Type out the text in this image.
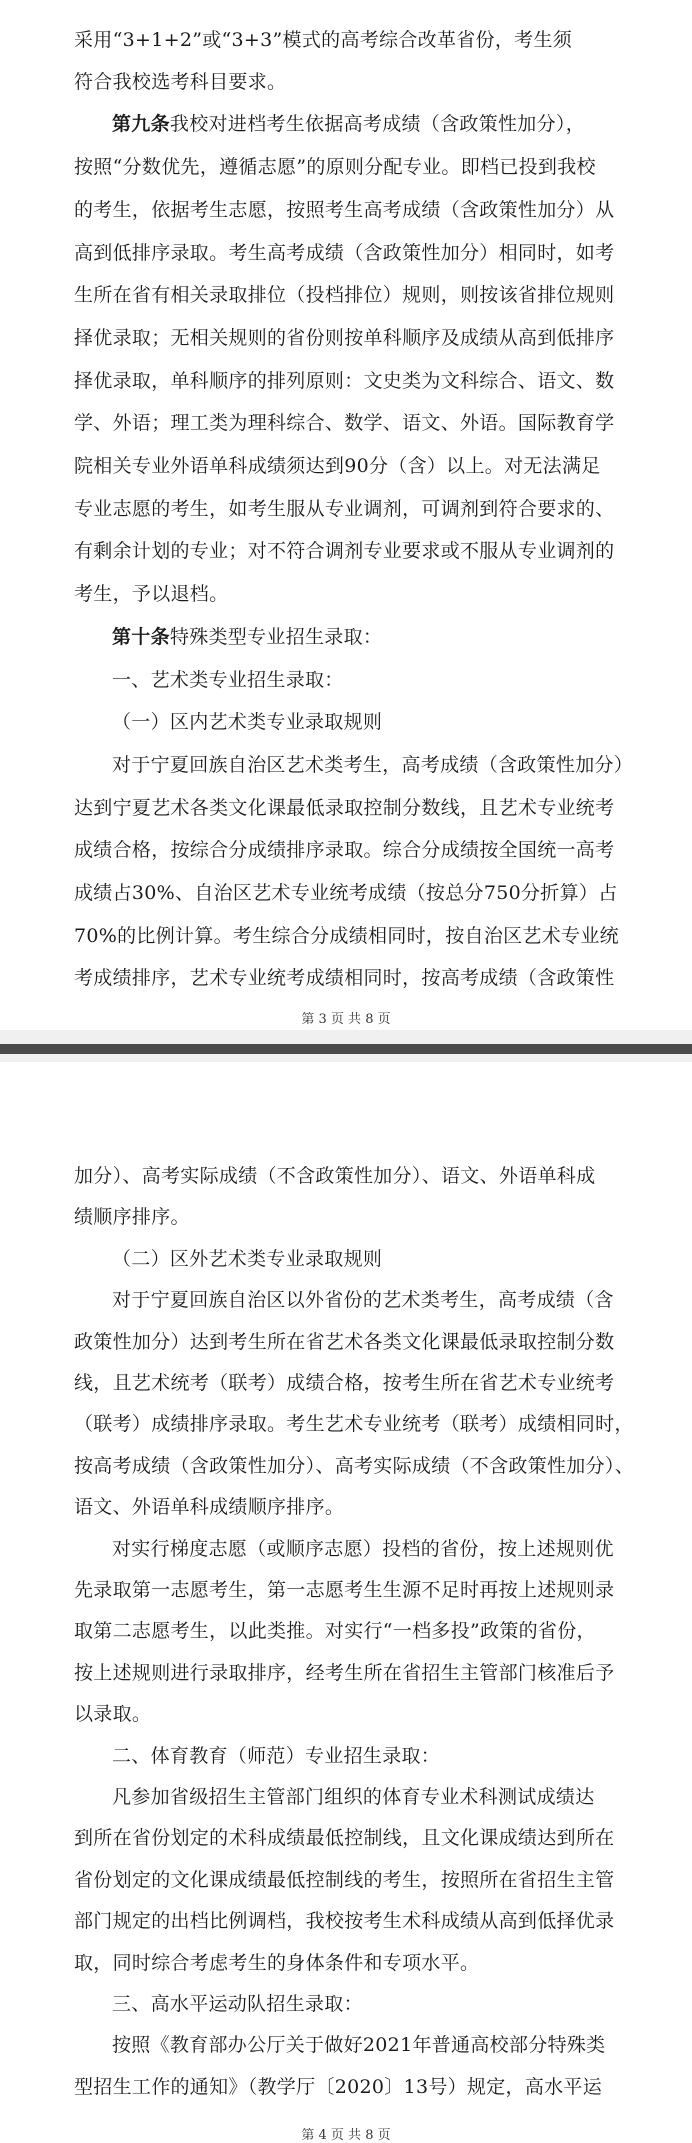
采用“3+1+2”或“3+3”模式的高考综合改革省份，考生须
符合我校选考科目要求。
第九条我校对进档考生依据高考成绩（含政策性加分），
按照“分数优先，遵循志愿”的原则分配专业。即档已投到我校
的考生，依据考生志愿，按照考生高考成绩（含政策性加分）从
高到低排序录取。考生高考成绩（含政策性加分）相同时，如考
生所在省有相关录取排位（投档排位）规则，则按该省排位规则
择优录取；无相关规则的省份则按单科顺序及成绩从高到低排序
择优录取，单科顺序的排列原则：文史类为文科综合、语文、数
学、外语；理工类为理科综合、数学、语文、外语。国际教育学
院相关专业外语单科成绩须达到90分（含）以上。对无法满足
专业志愿的考生，如考生服从专业调剂，可调剂到符合要求的、
有剩余计划的专业；对不符合调剂专业要求或不服从专业调剂的
考生，予以退档。
第十条特殊类型专业招生录取：
一、艺术类专业招生录取：
（一）区内艺术类专业录取规则
对于宁夏回族自治区艺术类考生，高考成绩（含政策性加分）
达到宁夏艺术各类文化课最低录取控制分数线，且艺术专业统考
成绩合格，按综合分成绩排序录取。综合分成绩按全国统一高考
成绩占30%、自治区艺术专业统考成绩（按总分750分折算）占
70%的比例计算。考生综合分成绩相同时，按自治区艺术专业统
考成绩排序，艺术专业统考成绩相同时，按高考成绩（含政策性
第 3 页 共 8 页
加分）、高考实际成绩（不含政策性加分）、语文、外语单科成
绩顺序排序。
（二）区外艺术类专业录取规则
对于宁夏回族自治区以外省份的艺术类考生，高考成绩（含
政策性加分）达到考生所在省艺术各类文化课最低录取控制分数
线，且艺术统考（联考）成绩合格，按考生所在省艺术专业统考
（联考）成绩排序录取。考生艺术专业统考（联考）成绩相同时，
按高考成绩（含政策性加分）、高考实际成绩（不含政策性加分）、
语文、外语单科成绩顺序排序。
对实行梯度志愿（或顺序志愿）投档的省份，按上述规则优
先录取第一志愿考生，第一志愿考生生源不足时再按上述规则录
取第二志愿考生，以此类推。对实行“一档多投”政策的省份，
按上述规则进行录取排序，经考生所在省招生主管部门核准后予
以录取。
二、体育教育（师范）专业招生录取：
凡参加省级招生主管部门组织的体育专业术科测试成绩达
到所在省份划定的术科成绩最低控制线，且文化课成绩达到所在
省份划定的文化课成绩最低控制线的考生，按照所在省招生主管
部门规定的出档比例调档，我校按考生术科成绩从高到低择优录
取，同时综合考虑考生的身体条件和专项水平。
三、高水平运动队招生录取：
按照《教育部办公厅关于做好2021年普通高校部分特殊类
型招生工作的通知》（教学厅〔2020〕13号）规定，高水平运
第 4 页 共 8 页
